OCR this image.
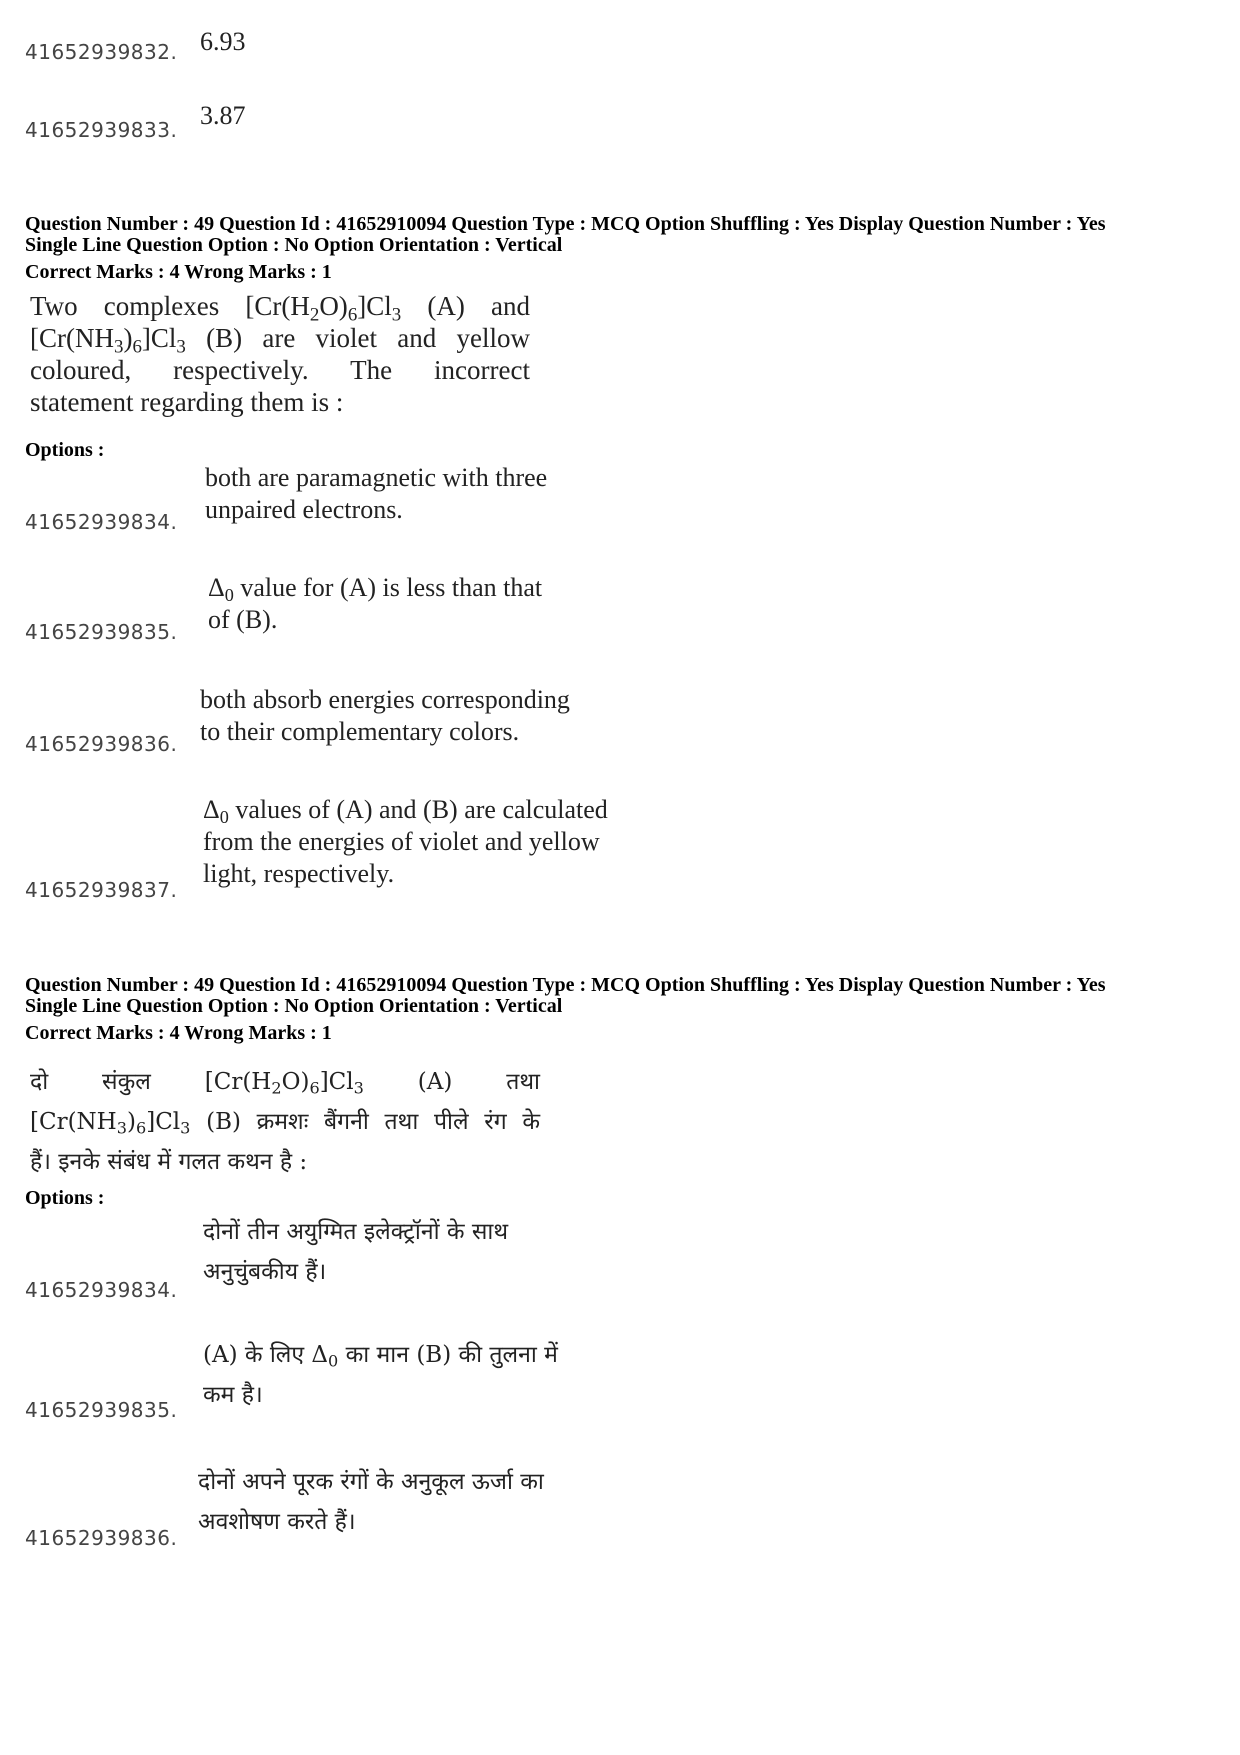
41652939832. 6.93
41652939833. 3.87
Question Number : 49 Question Id : 41652910094 Question Type : MCQ Option Shuffling : Yes Display Question Number : Yes
Single Line Question Option : No Option Orientation : Vertical
Correct Marks : 4 Wrong Marks : 1
Two complexes $[Cr(H_2O)_6]Cl_3$ (A) and
$[Cr(NH_3)_6]Cl_3$ (B) are violet and yellow
coloured, respectively. The incorrect
statement regarding them is :
Options :
41652939834.
both are paramagnetic with three
unpaired electrons.
41652939835.
$\Delta_0$ value for (A) is less than that
of (B).
41652939836.
both absorb energies corresponding
to their complementary colors.
41652939837.
$\Delta_0$ values of (A) and (B) are calculated
from the energies of violet and yellow
light, respectively.
Question Number : 49 Question Id : 41652910094 Question Type : MCQ Option Shuffling : Yes Display Question Number : Yes
Single Line Question Option : No Option Orientation : Vertical
Correct Marks : 4 Wrong Marks : 1
दो  संकुल  $[Cr(H_2O)_6]Cl_3$  (A)  तथा
$[Cr(NH_3)_6]Cl_3$ (B) क्रमशः बैंगनी तथा पीले रंग के
हैं। इनके संबंध में गलत कथन है :
Options :
41652939834.
दोनों तीन अयुग्मित इलेक्ट्रॉनों के साथ
अनुचुंबकीय हैं।
41652939835.
(A) के लिए $\Delta_0$ का मान (B) की तुलना में
कम है।
41652939836.
दोनों अपने पूरक रंगों के अनुकूल ऊर्जा का
अवशोषण करते हैं।
